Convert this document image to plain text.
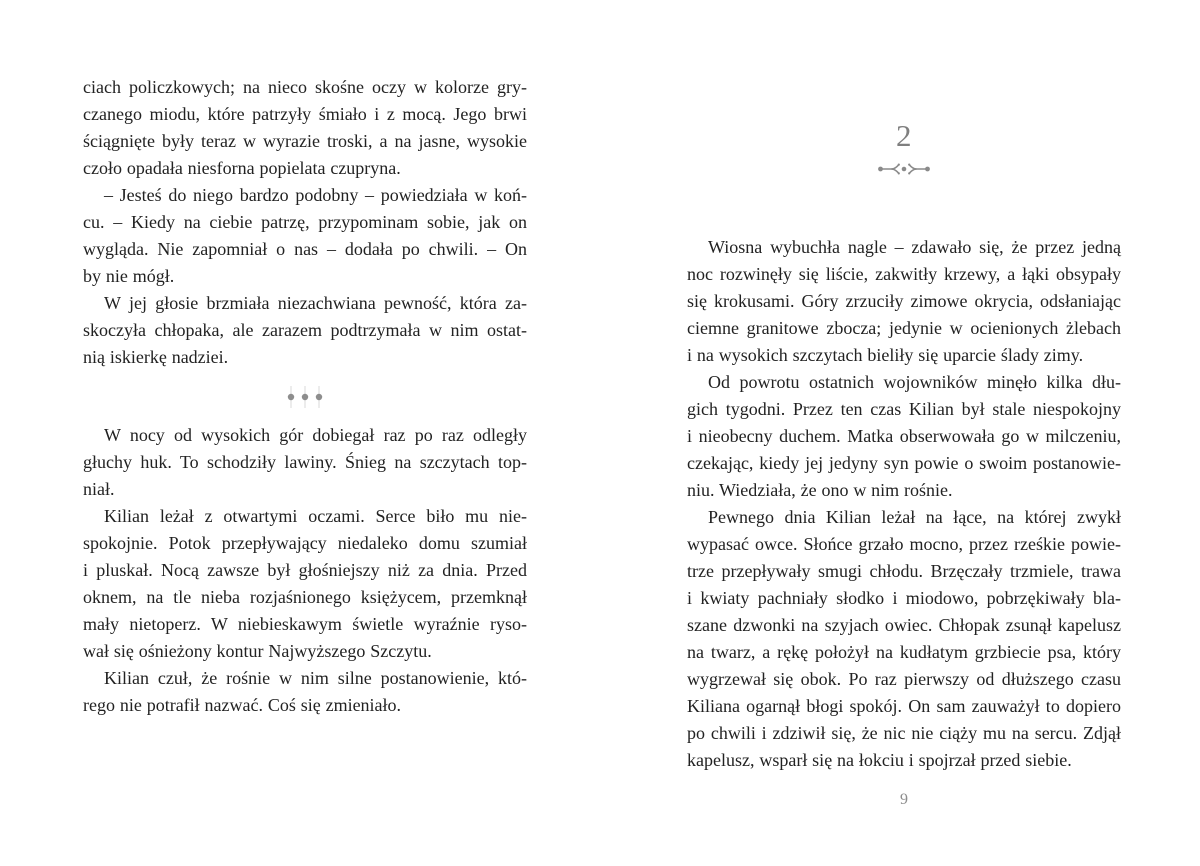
ciach policzkowych; na nieco skośne oczy w kolorze gry-
czanego miodu, które patrzyły śmiało i z mocą. Jego brwi
ściągnięte były teraz w wyrazie troski, a na jasne, wysokie
czoło opadała niesforna popielata czupryna.
– Jesteś do niego bardzo podobny – powiedziała w koń-
cu. – Kiedy na ciebie patrzę, przypominam sobie, jak on
wygląda. Nie zapomniał o nas – dodała po chwili. – On
by nie mógł.
W jej głosie brzmiała niezachwiana pewność, która za-
skoczyła chłopaka, ale zarazem podtrzymała w nim ostat-
nią iskierkę nadziei.
W nocy od wysokich gór dobiegał raz po raz odległy
głuchy huk. To schodziły lawiny. Śnieg na szczytach top-
niał.
Kilian leżał z otwartymi oczami. Serce biło mu nie-
spokojnie. Potok przepływający niedaleko domu szumiał
i pluskał. Nocą zawsze był głośniejszy niż za dnia. Przed
oknem, na tle nieba rozjaśnionego księżycem, przemknął
mały nietoperz. W niebieskawym świetle wyraźnie ryso-
wał się ośnieżony kontur Najwyższego Szczytu.
Kilian czuł, że rośnie w nim silne postanowienie, któ-
rego nie potrafił nazwać. Coś się zmieniało.
2
Wiosna wybuchła nagle – zdawało się, że przez jedną
noc rozwinęły się liście, zakwitły krzewy, a łąki obsypały
się krokusami. Góry zrzuciły zimowe okrycia, odsłaniając
ciemne granitowe zbocza; jedynie w ocienionych żlebach
i na wysokich szczytach bieliły się uparcie ślady zimy.
Od powrotu ostatnich wojowników minęło kilka dłu-
gich tygodni. Przez ten czas Kilian był stale niespokojny
i nieobecny duchem. Matka obserwowała go w milczeniu,
czekając, kiedy jej jedyny syn powie o swoim postanowie-
niu. Wiedziała, że ono w nim rośnie.
Pewnego dnia Kilian leżał na łące, na której zwykł
wypasać owce. Słońce grzało mocno, przez rześkie powie-
trze przepływały smugi chłodu. Brzęczały trzmiele, trawa
i kwiaty pachniały słodko i miodowo, pobrzękiwały bla-
szane dzwonki na szyjach owiec. Chłopak zsunął kapelusz
na twarz, a rękę położył na kudłatym grzbiecie psa, który
wygrzewał się obok. Po raz pierwszy od dłuższego czasu
Kiliana ogarnął błogi spokój. On sam zauważył to dopiero
po chwili i zdziwił się, że nic nie ciąży mu na sercu. Zdjął
kapelusz, wsparł się na łokciu i spojrzał przed siebie.
9
